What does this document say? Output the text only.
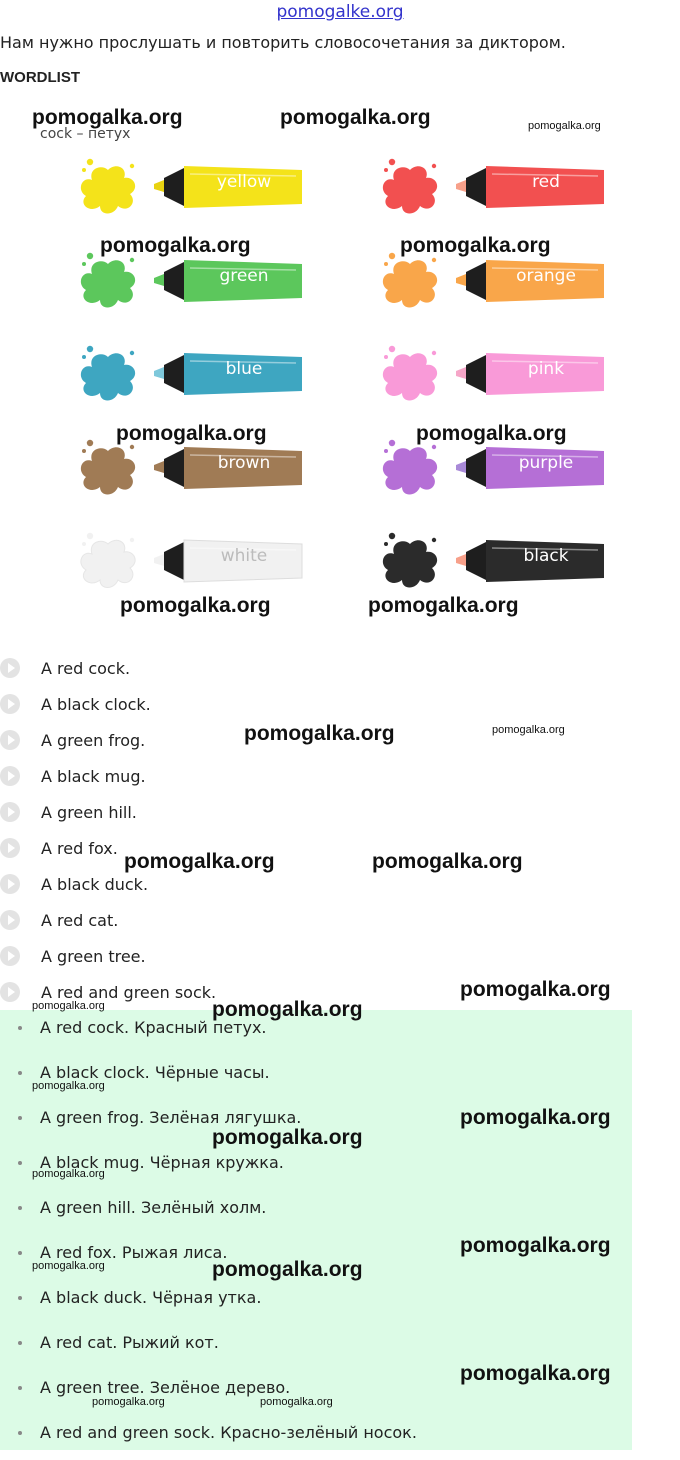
pomogalke.org
Нам нужно прослушать и повторить словосочетания за диктором.
WORDLIST
cock – петух
yellow	red
green	orange
blue	pink
brown	purple
white	black
A red cock.
A black clock.
A green frog.
A black mug.
A green hill.
A red fox.
A black duck.
A red cat.
A green tree.
A red and green sock.
A red cock. Красный петух.
A black clock. Чёрные часы.
A green frog. Зелёная лягушка.
A black mug. Чёрная кружка.
A green hill. Зелёный холм.
A red fox. Рыжая лиса.
A black duck. Чёрная утка.
A red cat. Рыжий кот.
A green tree. Зелёное дерево.
A red and green sock. Красно-зелёный носок.
pomogalka.org	pomogalka.org	pomogalka.org
pomogalka.org	pomogalka.org
pomogalka.org	pomogalka.org
pomogalka.org	pomogalka.org
pomogalka.org	pomogalka.org
pomogalka.org	pomogalka.org
pomogalka.org
pomogalka.org	pomogalka.org
pomogalka.org
pomogalka.org
pomogalka.org
pomogalka.org
pomogalka.org
pomogalka.org	pomogalka.org
pomogalka.org
pomogalka.org	pomogalka.org
